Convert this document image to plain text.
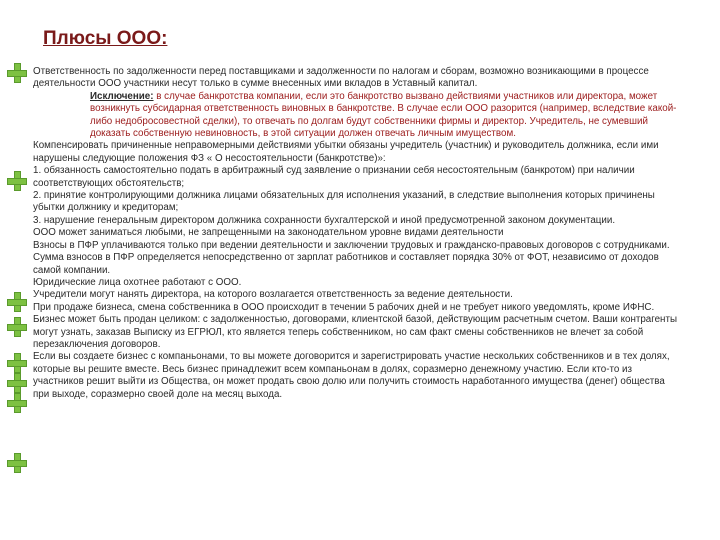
Плюсы ООО:

Ответственность по задолженности перед поставщиками и задолженности по налогам и сборам, возможно возникающими в процессе деятельности ООО участники несут только в сумме внесенных ими вкладов в Уставный капитал.

Исключение: в случае банкротства компании, если это банкротство вызвано действиями участников или директора, может возникнуть субсидарная ответственность виновных в банкротстве. В случае если ООО разорится (например, вследствие какой-либо недобросовестной сделки), то отвечать по долгам будут собственники фирмы и директор. Учредитель, не сумевший доказать собственную невиновность, в этой ситуации должен отвечать личным имуществом.

Компенсировать причиненные неправомерными действиями убытки обязаны учредитель (участник) и руководитель должника, если ими нарушены следующие положения ФЗ « О несостоятельности (банкротстве)»:

1. обязанность самостоятельно подать в арбитражный суд заявление о признании себя несостоятельным (банкротом) при наличии соответствующих обстоятельств;

2. принятие контролирующими должника лицами обязательных для исполнения указаний, в следствие выполнения которых причинены убытки должнику и кредиторам;

3. нарушение генеральным директором должника сохранности бухгалтерской и иной предусмотренной законом документации.

ООО может заниматься любыми, не запрещенными на законодательном уровне видами деятельности

Взносы в ПФР уплачиваются только при ведении деятельности и заключении трудовых и гражданско-правовых договоров с сотрудниками. Сумма взносов в ПФР определяется непосредственно от зарплат работников и составляет порядка 30% от ФОТ, независимо от доходов самой компании.

Юридические лица охотнее работают с ООО.

Учредители могут нанять директора, на которого возлагается ответственность за ведение деятельности.

При продаже бизнеса, смена собственника в ООО происходит в течении 5 рабочих дней и не требует никого уведомлять, кроме ИФНС. Бизнес может быть продан целиком: с задолженностью, договорами, клиентской базой, действующим расчетным счетом. Ваши контрагенты могут узнать, заказав Выписку из ЕГРЮЛ, кто является теперь собственником, но сам факт смены собственников не влечет за собой перезаключения договоров.

Если вы создаете бизнес с компаньонами, то вы можете договорится и зарегистрировать участие нескольких собственников и в тех долях, которые вы решите вместе. Весь бизнес принадлежит всем компаньонам в долях, соразмерно денежному участию. Если кто-то из участников решит выйти из Общества, он может продать свою долю или получить стоимость наработанного имущества (денег) общества при выходе, соразмерно своей доле на месяц выхода.
